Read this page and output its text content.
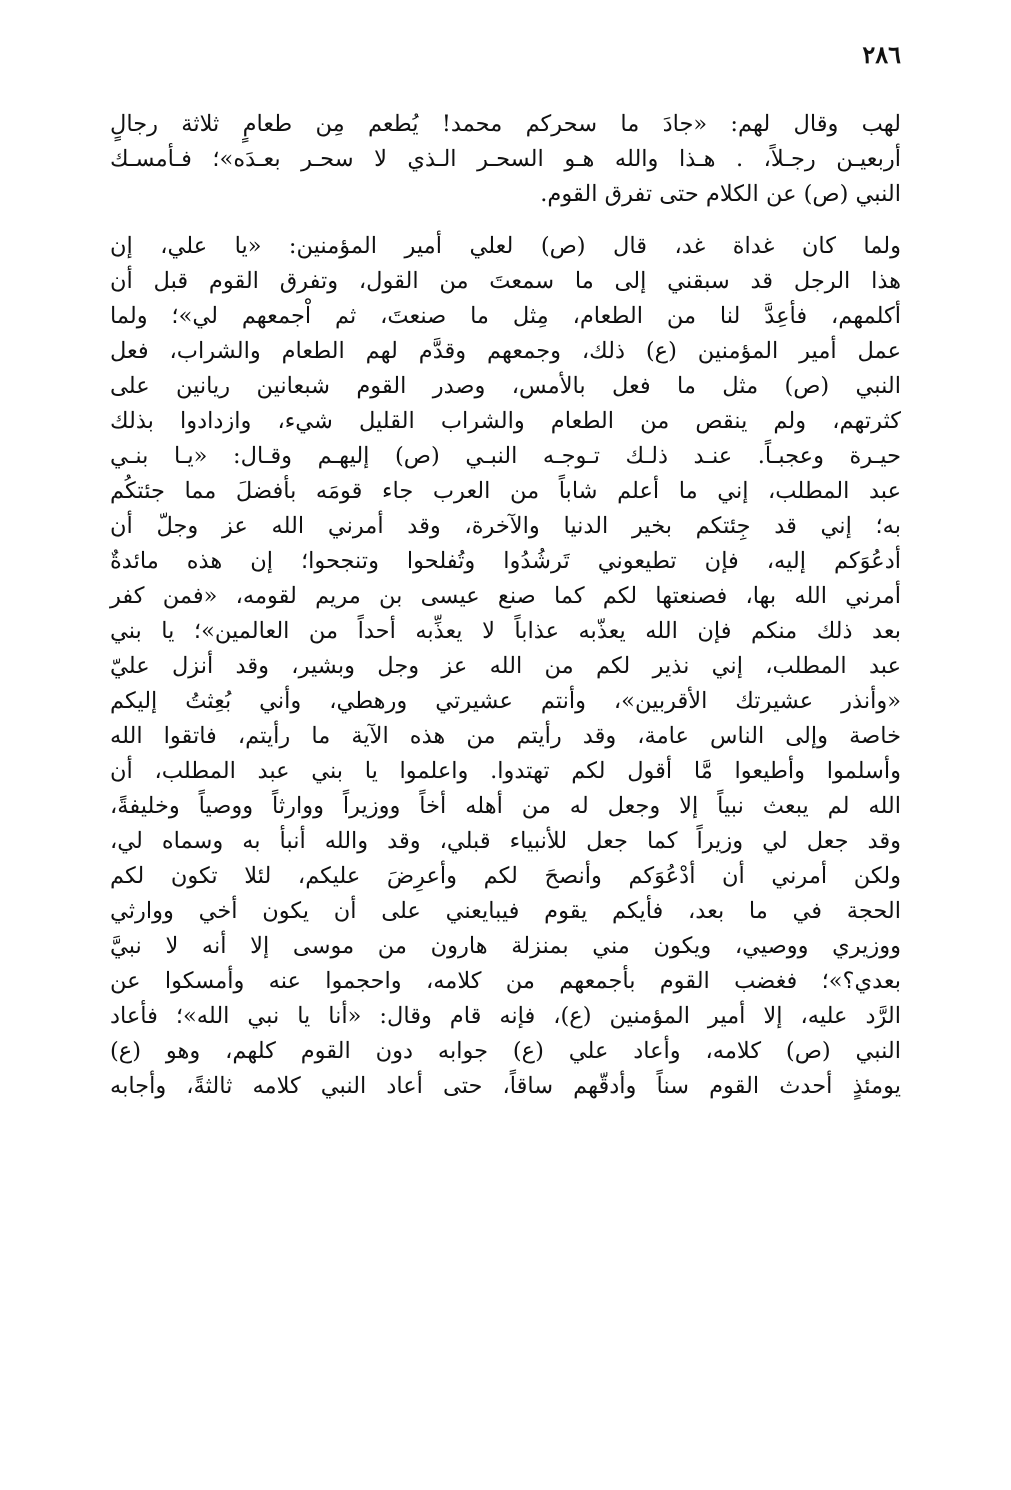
٢٨٦
لهب وقال لهم: «جادَ ما سحركم محمد! يُطعم مِن طعامٍ ثلاثة رجالٍ
أربعيـن رجـلاً، . هـذا والله هـو السحـر الـذي لا سحـر بعـدَه»؛ فـأمسـك
النبي (ص) عن الكلام حتى تفرق القوم.
ولما كان غداة غد، قال (ص) لعلي أمير المؤمنين: «يا علي، إن
هذا الرجل قد سبقني إلى ما سمعتَ من القول، وتفرق القوم قبل أن
أكلمهم، فأعِدَّ لنا من الطعام، مِثل ما صنعتَ، ثم اْجمعهم لي»؛ ولما
عمل أمير المؤمنين (ع) ذلك، وجمعهم وقدَّم لهم الطعام والشراب، فعل
النبي (ص) مثل ما فعل بالأمس، وصدر القوم شبعانين ريانين على
كثرتهم، ولم ينقص من الطعام والشراب القليل شيء، وازدادوا بذلك
حيـرة وعجبـاً. عنـد ذلـك تـوجـه النبـي (ص) إليهـم وقـال: «يـا بنـي
عبد المطلب، إني ما أعلم شاباً من العرب جاء قومَه بأفضلَ مما جئتكُم
به؛ إني قد جِئتكم بخير الدنيا والآخرة، وقد أمرني الله عز وجلّ أن
أدعُوَكم إليه، فإن تطيعوني تَرشُدُوا وتُفلحوا وتنجحوا؛ إن هذه مائدةٌ
أمرني الله بها، فصنعتها لكم كما صنع عيسى بن مريم لقومه، «فمن كفر
بعد ذلك منكم فإن الله يعذّبه عذاباً لا يعذِّبه أحداً من العالمين»؛ يا بني
عبد المطلب، إني نذير لكم من الله عز وجل وبشير، وقد أنزل عليّ
«وأنذر عشيرتك الأقربين»، وأنتم عشيرتي ورهطي، وأني بُعِثتُ إليكم
خاصة وإلى الناس عامة، وقد رأيتم من هذه الآية ما رأيتم، فاتقوا الله
وأسلموا وأطيعوا مَّا أقول لكم تهتدوا. واعلموا يا بني عبد المطلب، أن
الله لم يبعث نبياً إلا وجعل له من أهله أخاً ووزيراً ووارثاً ووصياً وخليفةً،
وقد جعل لي وزيراً كما جعل للأنبياء قبلي، وقد والله أنبأ به وسماه لي،
ولكن أمرني أن أدْعُوَكم وأنصحَ لكم وأعرِضَ عليكم، لئلا تكون لكم
الحجة في ما بعد، فأيكم يقوم فيبايعني على أن يكون أخي ووارثي
ووزيري ووصيي، ويكون مني بمنزلة هارون من موسى إلا أنه لا نبيَّ
بعدي؟»؛ فغضب القوم بأجمعهم من كلامه، واحجموا عنه وأمسكوا عن
الرَّد عليه، إلا أمير المؤمنين (ع)، فإنه قام وقال: «أنا يا نبي الله»؛ فأعاد
النبي (ص) كلامه، وأعاد علي (ع) جوابه دون القوم كلهم، وهو (ع)
يومئذٍ أحدث القوم سناً وأدقّهم ساقاً، حتى أعاد النبي كلامه ثالثةً، وأجابه
